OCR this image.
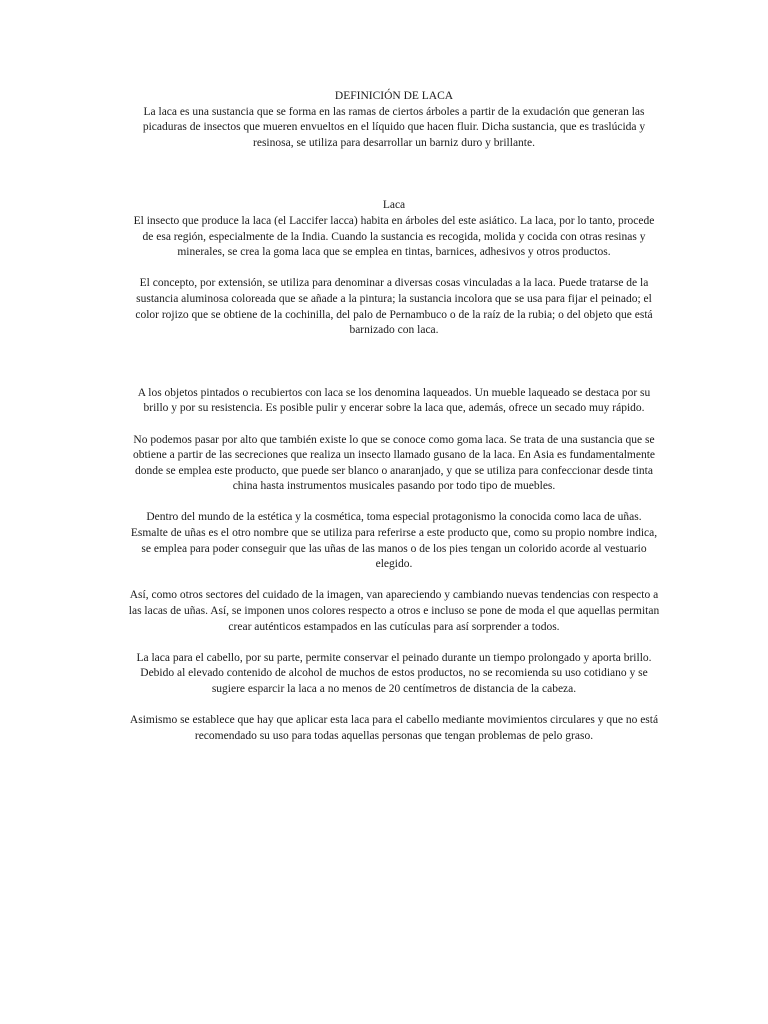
DEFINICIÓN DE LACA

La laca es una sustancia que se forma en las ramas de ciertos árboles a partir de la exudación que generan las picaduras de insectos que mueren envueltos en el líquido que hacen fluir. Dicha sustancia, que es traslúcida y resinosa, se utiliza para desarrollar un barniz duro y brillante.

Laca

El insecto que produce la laca (el Laccifer lacca) habita en árboles del este asiático. La laca, por lo tanto, procede de esa región, especialmente de la India. Cuando la sustancia es recogida, molida y cocida con otras resinas y minerales, se crea la goma laca que se emplea en tintas, barnices, adhesivos y otros productos.

El concepto, por extensión, se utiliza para denominar a diversas cosas vinculadas a la laca. Puede tratarse de la sustancia aluminosa coloreada que se añade a la pintura; la sustancia incolora que se usa para fijar el peinado; el color rojizo que se obtiene de la cochinilla, del palo de Pernambuco o de la raíz de la rubia; o del objeto que está barnizado con laca.

A los objetos pintados o recubiertos con laca se los denomina laqueados. Un mueble laqueado se destaca por su brillo y por su resistencia. Es posible pulir y encerar sobre la laca que, además, ofrece un secado muy rápido.

No podemos pasar por alto que también existe lo que se conoce como goma laca. Se trata de una sustancia que se obtiene a partir de las secreciones que realiza un insecto llamado gusano de la laca. En Asia es fundamentalmente donde se emplea este producto, que puede ser blanco o anaranjado, y que se utiliza para confeccionar desde tinta china hasta instrumentos musicales pasando por todo tipo de muebles.

Dentro del mundo de la estética y la cosmética, toma especial protagonismo la conocida como laca de uñas. Esmalte de uñas es el otro nombre que se utiliza para referirse a este producto que, como su propio nombre indica, se emplea para poder conseguir que las uñas de las manos o de los pies tengan un colorido acorde al vestuario elegido.

Así, como otros sectores del cuidado de la imagen, van apareciendo y cambiando nuevas tendencias con respecto a las lacas de uñas. Así, se imponen unos colores respecto a otros e incluso se pone de moda el que aquellas permitan crear auténticos estampados en las cutículas para así sorprender a todos.

La laca para el cabello, por su parte, permite conservar el peinado durante un tiempo prolongado y aporta brillo. Debido al elevado contenido de alcohol de muchos de estos productos, no se recomienda su uso cotidiano y se sugiere esparcir la laca a no menos de 20 centímetros de distancia de la cabeza.

Asimismo se establece que hay que aplicar esta laca para el cabello mediante movimientos circulares y que no está recomendado su uso para todas aquellas personas que tengan problemas de pelo graso.
